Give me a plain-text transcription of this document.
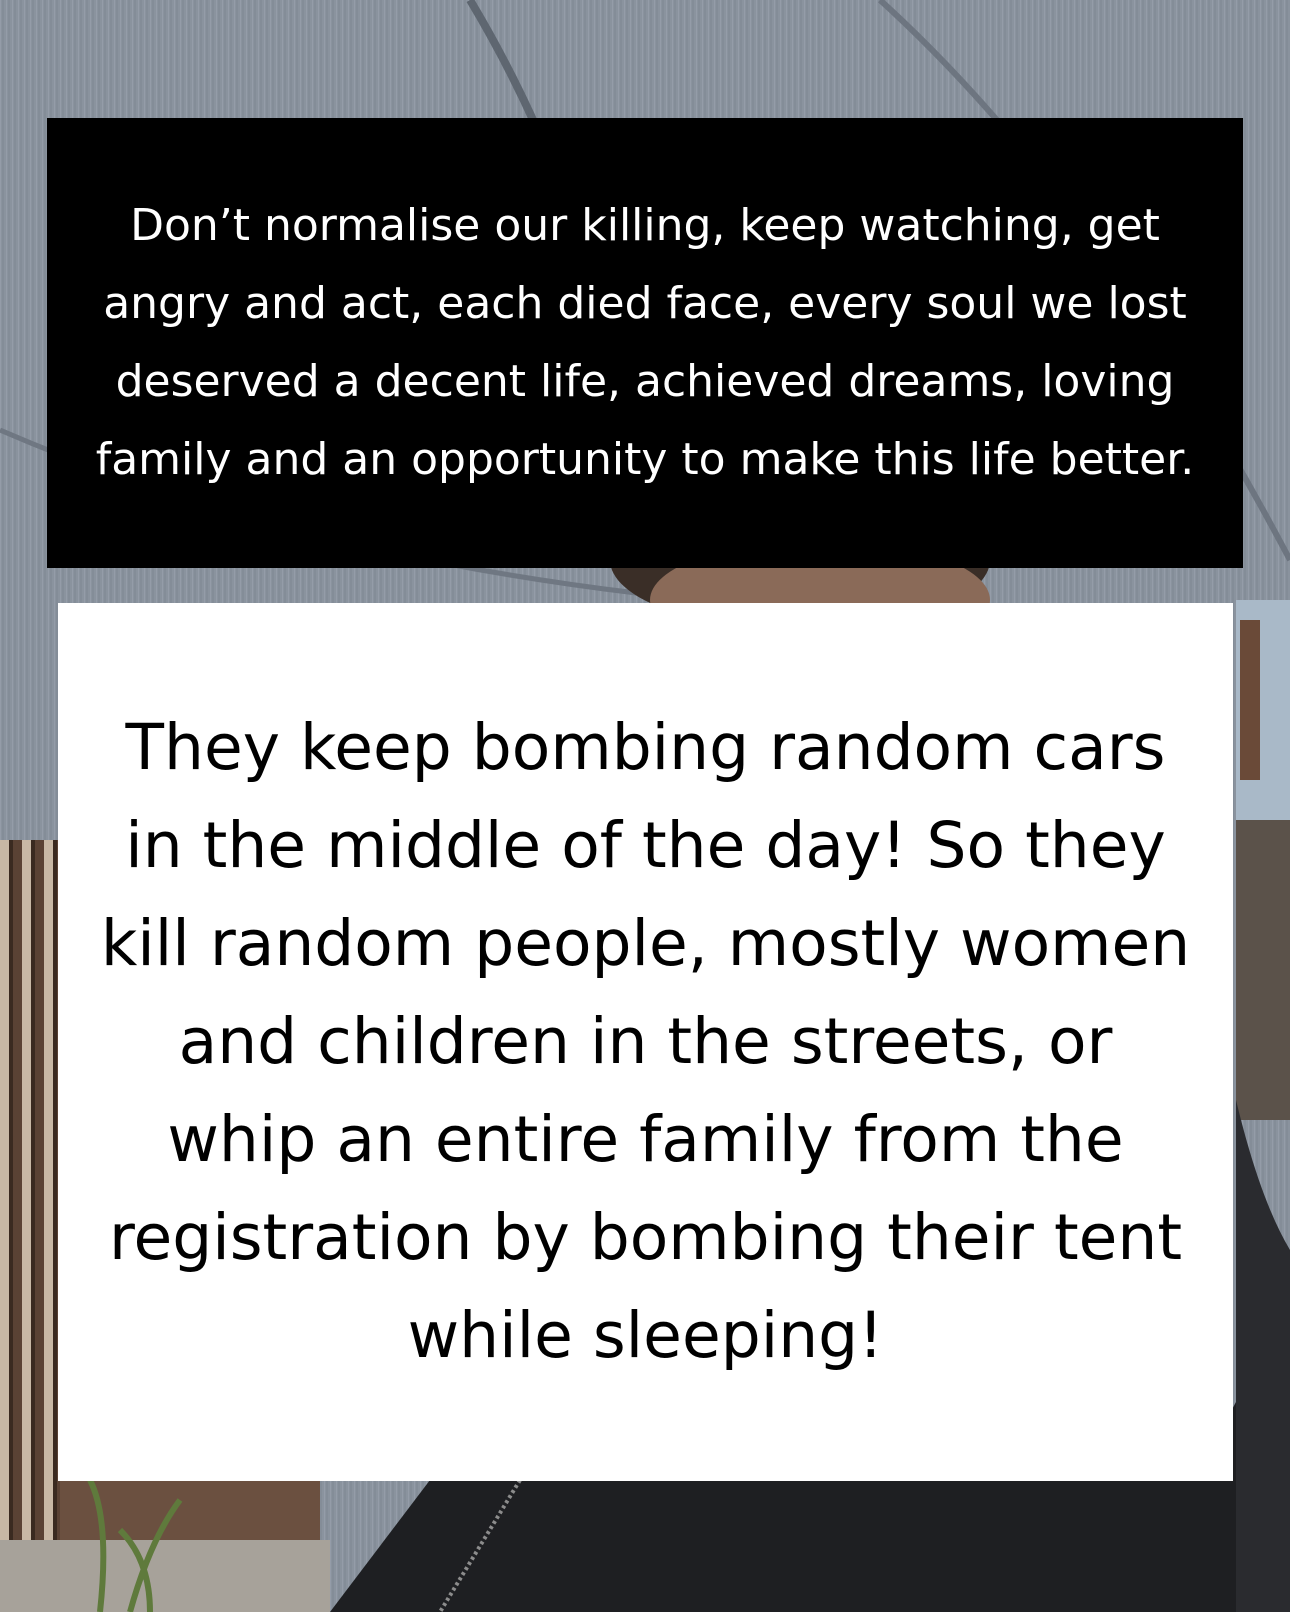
Don’t normalise our killing, keep watching, get angry and act, each died face, every soul we lost deserved a decent life, achieved dreams, loving family and an opportunity to make this life better.

They keep bombing random cars in the middle of the day! So they kill random people, mostly women and children in the streets, or whip an entire family from the registration by bombing their tent while sleeping!
